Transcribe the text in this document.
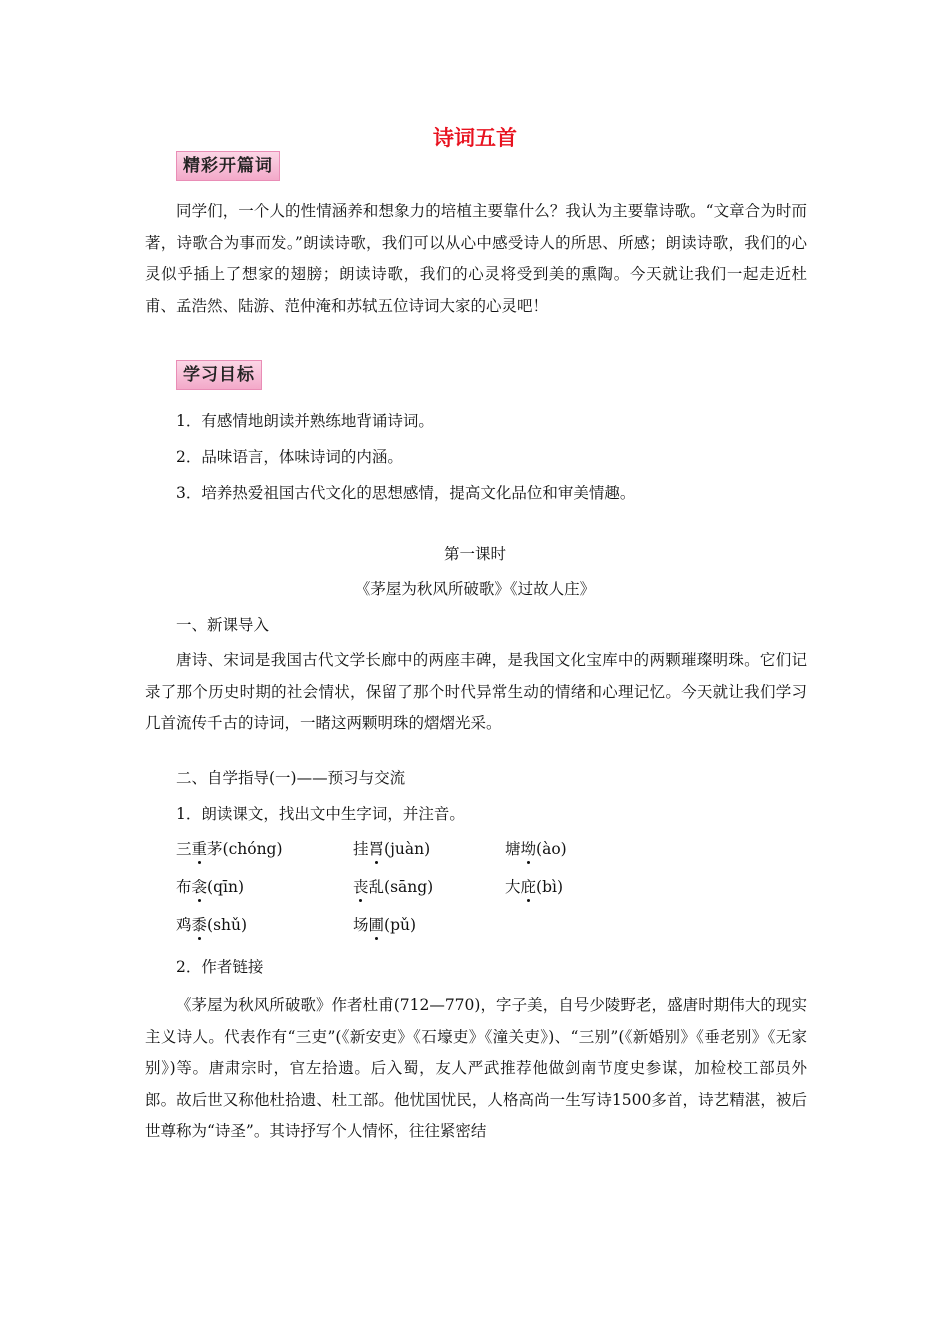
诗词五首
精彩开篇词

同学们，一个人的性情涵养和想象力的培植主要靠什么？我认为主要靠诗歌。“文章合为时而著，诗歌合为事而发。”朗读诗歌，我们可以从心中感受诗人的所思、所感；朗读诗歌，我们的心灵似乎插上了想家的翅膀；朗读诗歌，我们的心灵将受到美的熏陶。今天就让我们一起走近杜甫、孟浩然、陆游、范仲淹和苏轼五位诗词大家的心灵吧！

学习目标
1．有感情地朗读并熟练地背诵诗词。
2．品味语言，体味诗词的内涵。
3．培养热爱祖国古代文化的思想感情，提高文化品位和审美情趣。
第一课时
《茅屋为秋风所破歌》《过故人庄》
一、新课导入

唐诗、宋词是我国古代文学长廊中的两座丰碑，是我国文化宝库中的两颗璀璨明珠。它们记录了那个历史时期的社会情状，保留了那个时代异常生动的情绪和心理记忆。今天就让我们学习几首流传千古的诗词，一睹这两颗明珠的熠熠光采。

二、自学指导(一)——预习与交流
1．朗读课文，找出文中生字词，并注音。
三重茅(chóng)	挂罥(juàn)	塘坳(ào)
布衾(qīn)	丧乱(sāng)	大庇(bì)
鸡黍(shǔ)	场圃(pǔ)
2．作者链接

《茅屋为秋风所破歌》作者杜甫(712—770)，字子美，自号少陵野老，盛唐时期伟大的现实主义诗人。代表作有“三吏”(《新安吏》《石壕吏》《潼关吏》)、“三别”(《新婚别》《垂老别》《无家别》)等。唐肃宗时，官左拾遗。后入蜀，友人严武推荐他做剑南节度史参谋，加检校工部员外郎。故后世又称他杜拾遗、杜工部。他忧国忧民，人格高尚一生写诗1500多首，诗艺精湛，被后世尊称为“诗圣”。其诗抒写个人情怀，往往紧密结
